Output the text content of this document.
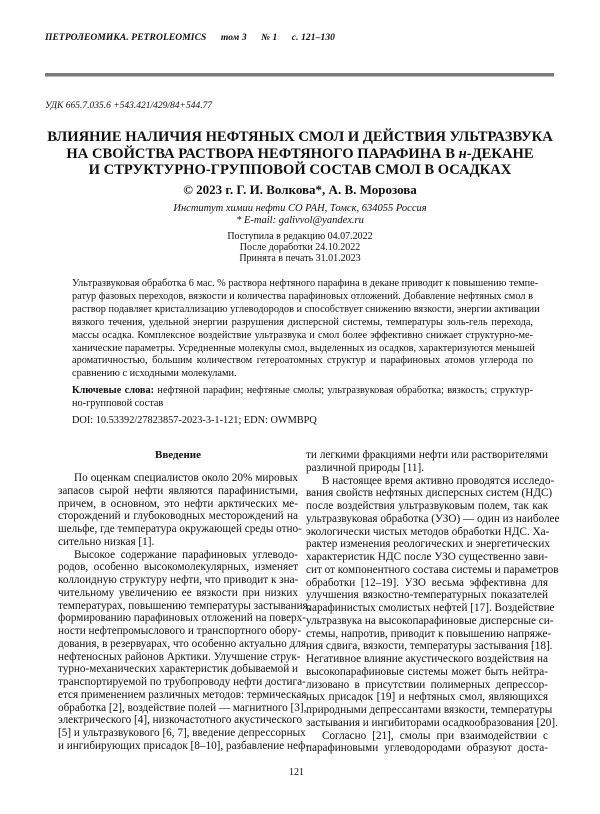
ПЕТРОЛЕОМИКА. PETROLEOMICS том 3 № 1 с. 121–130
УДК 665.7.035.6 +543.421/429/84+544.77
ВЛИЯНИЕ НАЛИЧИЯ НЕФТЯНЫХ СМОЛ И ДЕЙСТВИЯ УЛЬТРАЗВУКА
НА СВОЙСТВА РАСТВОРА НЕФТЯНОГО ПАРАФИНА В н-ДЕКАНЕ
И СТРУКТУРНО-ГРУППОВОЙ СОСТАВ СМОЛ В ОСАДКАХ
© 2023 г. Г. И. Волкова*, А. В. Морозова
Институт химии нефти СО РАН, Томск, 634055 Россия
* E-mail: galivvol@yandex.ru
Поступила в редакцию 04.07.2022
После доработки 24.10.2022
Принята в печать 31.01.2023
Ультразвуковая обработка 6 мас. % раствора нефтяного парафина в декане приводит к повышению темпе-
ратур фазовых переходов, вязкости и количества парафиновых отложений. Добавление нефтяных смол в
раствор подавляет кристаллизацию углеводородов и способствует снижению вязкости, энергии активации
вязкого течения, удельной энергии разрушения дисперсной системы, температуры золь-гель перехода,
массы осадка. Комплексное воздействие ультразвука и смол более эффективно снижает структурно-ме-
ханические параметры. Усредненные молекулы смол, выделенных из осадков, характеризуются меньшей
ароматичностью, большим количеством гетероатомных структур и парафиновых атомов углерода по
сравнению с исходными молекулами.
Ключевые слова: нефтяной парафин; нефтяные смолы; ультразвуковая обработка; вязкость; структур-
но-групповой состав
DOI: 10.53392/27823857-2023-3-1-121; EDN: OWMBPQ
Введение
По оценкам специалистов около 20% мировых
запасов сырой нефти являются парафинистыми,
причем, в основном, это нефти арктических ме-
сторождений и глубоководных месторождений на
шельфе, где температура окружающей среды отно-
сительно низкая [1].
Высокое содержание парафиновых углеводо-
родов, особенно высокомолекулярных, изменяет
коллоидную структуру нефти, что приводит к зна-
чительному увеличению ее вязкости при низких
температурах, повышению температуры застывания,
формированию парафиновых отложений на поверх-
ности нефтепромыслового и транспортного обору-
дования, в резервуарах, что особенно актуально для
нефтеносных районов Арктики. Улучшение струк-
турно-механических характеристик добываемой и
транспортируемой по трубопроводу нефти достига-
ется применением различных методов: термическая
обработка [2], воздействие полей — магнитного [3],
электрического [4], низкочастотного акустического
[5] и ультразвукового [6, 7], введение депрессорных
и ингибирующих присадок [8–10], разбавление неф-
ти легкими фракциями нефти или растворителями
различной природы [11].
В настоящее время активно проводятся исследо-
вания свойств нефтяных дисперсных систем (НДС)
после воздействия ультразвуковым полем, так как
ультразвуковая обработка (УЗО) — один из наиболее
экологически чистых методов обработки НДС. Ха-
рактер изменения реологических и энергетических
характеристик НДС после УЗО существенно зави-
сит от компонентного состава системы и параметров
обработки [12–19]. УЗО весьма эффективна для
улучшения вязкостно-температурных показателей
парафинистых смолистых нефтей [17]. Воздействие
ультразвука на высокопарафиновые дисперсные си-
стемы, напротив, приводит к повышению напряже-
ния сдвига, вязкости, температуры застывания [18].
Негативное влияние акустического воздействия на
высокопарафиновые системы может быть нейтра-
лизовано в присутствии полимерных депрессор-
ных присадок [19] и нефтяных смол, являющихся
природными депрессантами вязкости, температуры
застывания и ингибиторами осадкообразования [20].
Согласно [21], смолы при взаимодействии с
парафиновыми углеводородами образуют доста-
121
